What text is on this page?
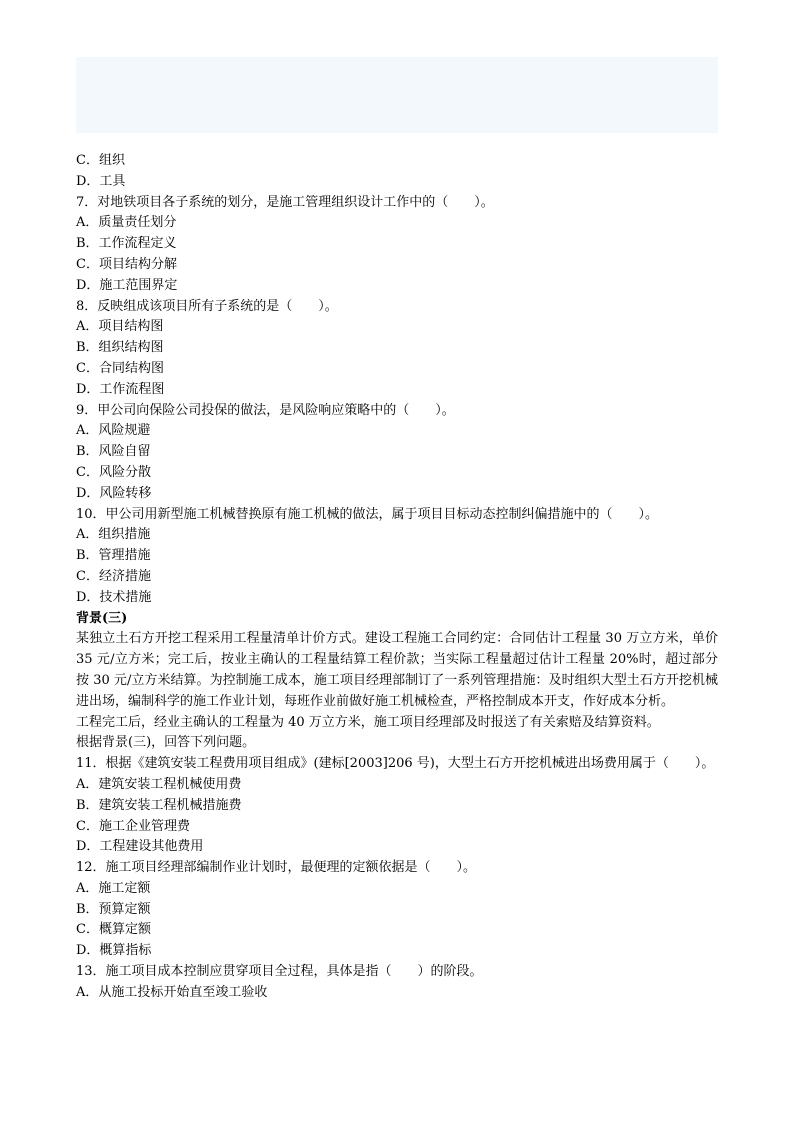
C．组织
D．工具
7．对地铁项目各子系统的划分，是施工管理组织设计工作中的（　　）。
A．质量责任划分
B．工作流程定义
C．项目结构分解
D．施工范围界定
8．反映组成该项目所有子系统的是（　　）。
A．项目结构图
B．组织结构图
C．合同结构图
D．工作流程图
9．甲公司向保险公司投保的做法，是风险响应策略中的（　　）。
A．风险规避
B．风险自留
C．风险分散
D．风险转移
10．甲公司用新型施工机械替换原有施工机械的做法，属于项目目标动态控制纠偏措施中的（　　）。
A．组织措施
B．管理措施
C．经济措施
D．技术措施
背景(三)
某独立土石方开挖工程采用工程量清单计价方式。建设工程施工合同约定：合同估计工程量 30 万立方米，单价 35 元/立方米；完工后，按业主确认的工程量结算工程价款；当实际工程量超过估计工程量 20%时，超过部分按 30 元/立方米结算。为控制施工成本，施工项目经理部制订了一系列管理措施：及时组织大型土石方开挖机械进出场，编制科学的施工作业计划，每班作业前做好施工机械检查，严格控制成本开支，作好成本分析。
工程完工后，经业主确认的工程量为 40 万立方米，施工项目经理部及时报送了有关索赔及结算资料。
根据背景(三)，回答下列问题。
11．根据《建筑安装工程费用项目组成》(建标[2003]206 号)，大型土石方开挖机械进出场费用属于（　　）。
A．建筑安装工程机械使用费
B．建筑安装工程机械措施费
C．施工企业管理费
D．工程建设其他费用
12．施工项目经理部编制作业计划时，最便理的定额依据是（　　）。
A．施工定额
B．预算定额
C．概算定额
D．概算指标
13．施工项目成本控制应贯穿项目全过程，具体是指（　　）的阶段。
A．从施工投标开始直至竣工验收
